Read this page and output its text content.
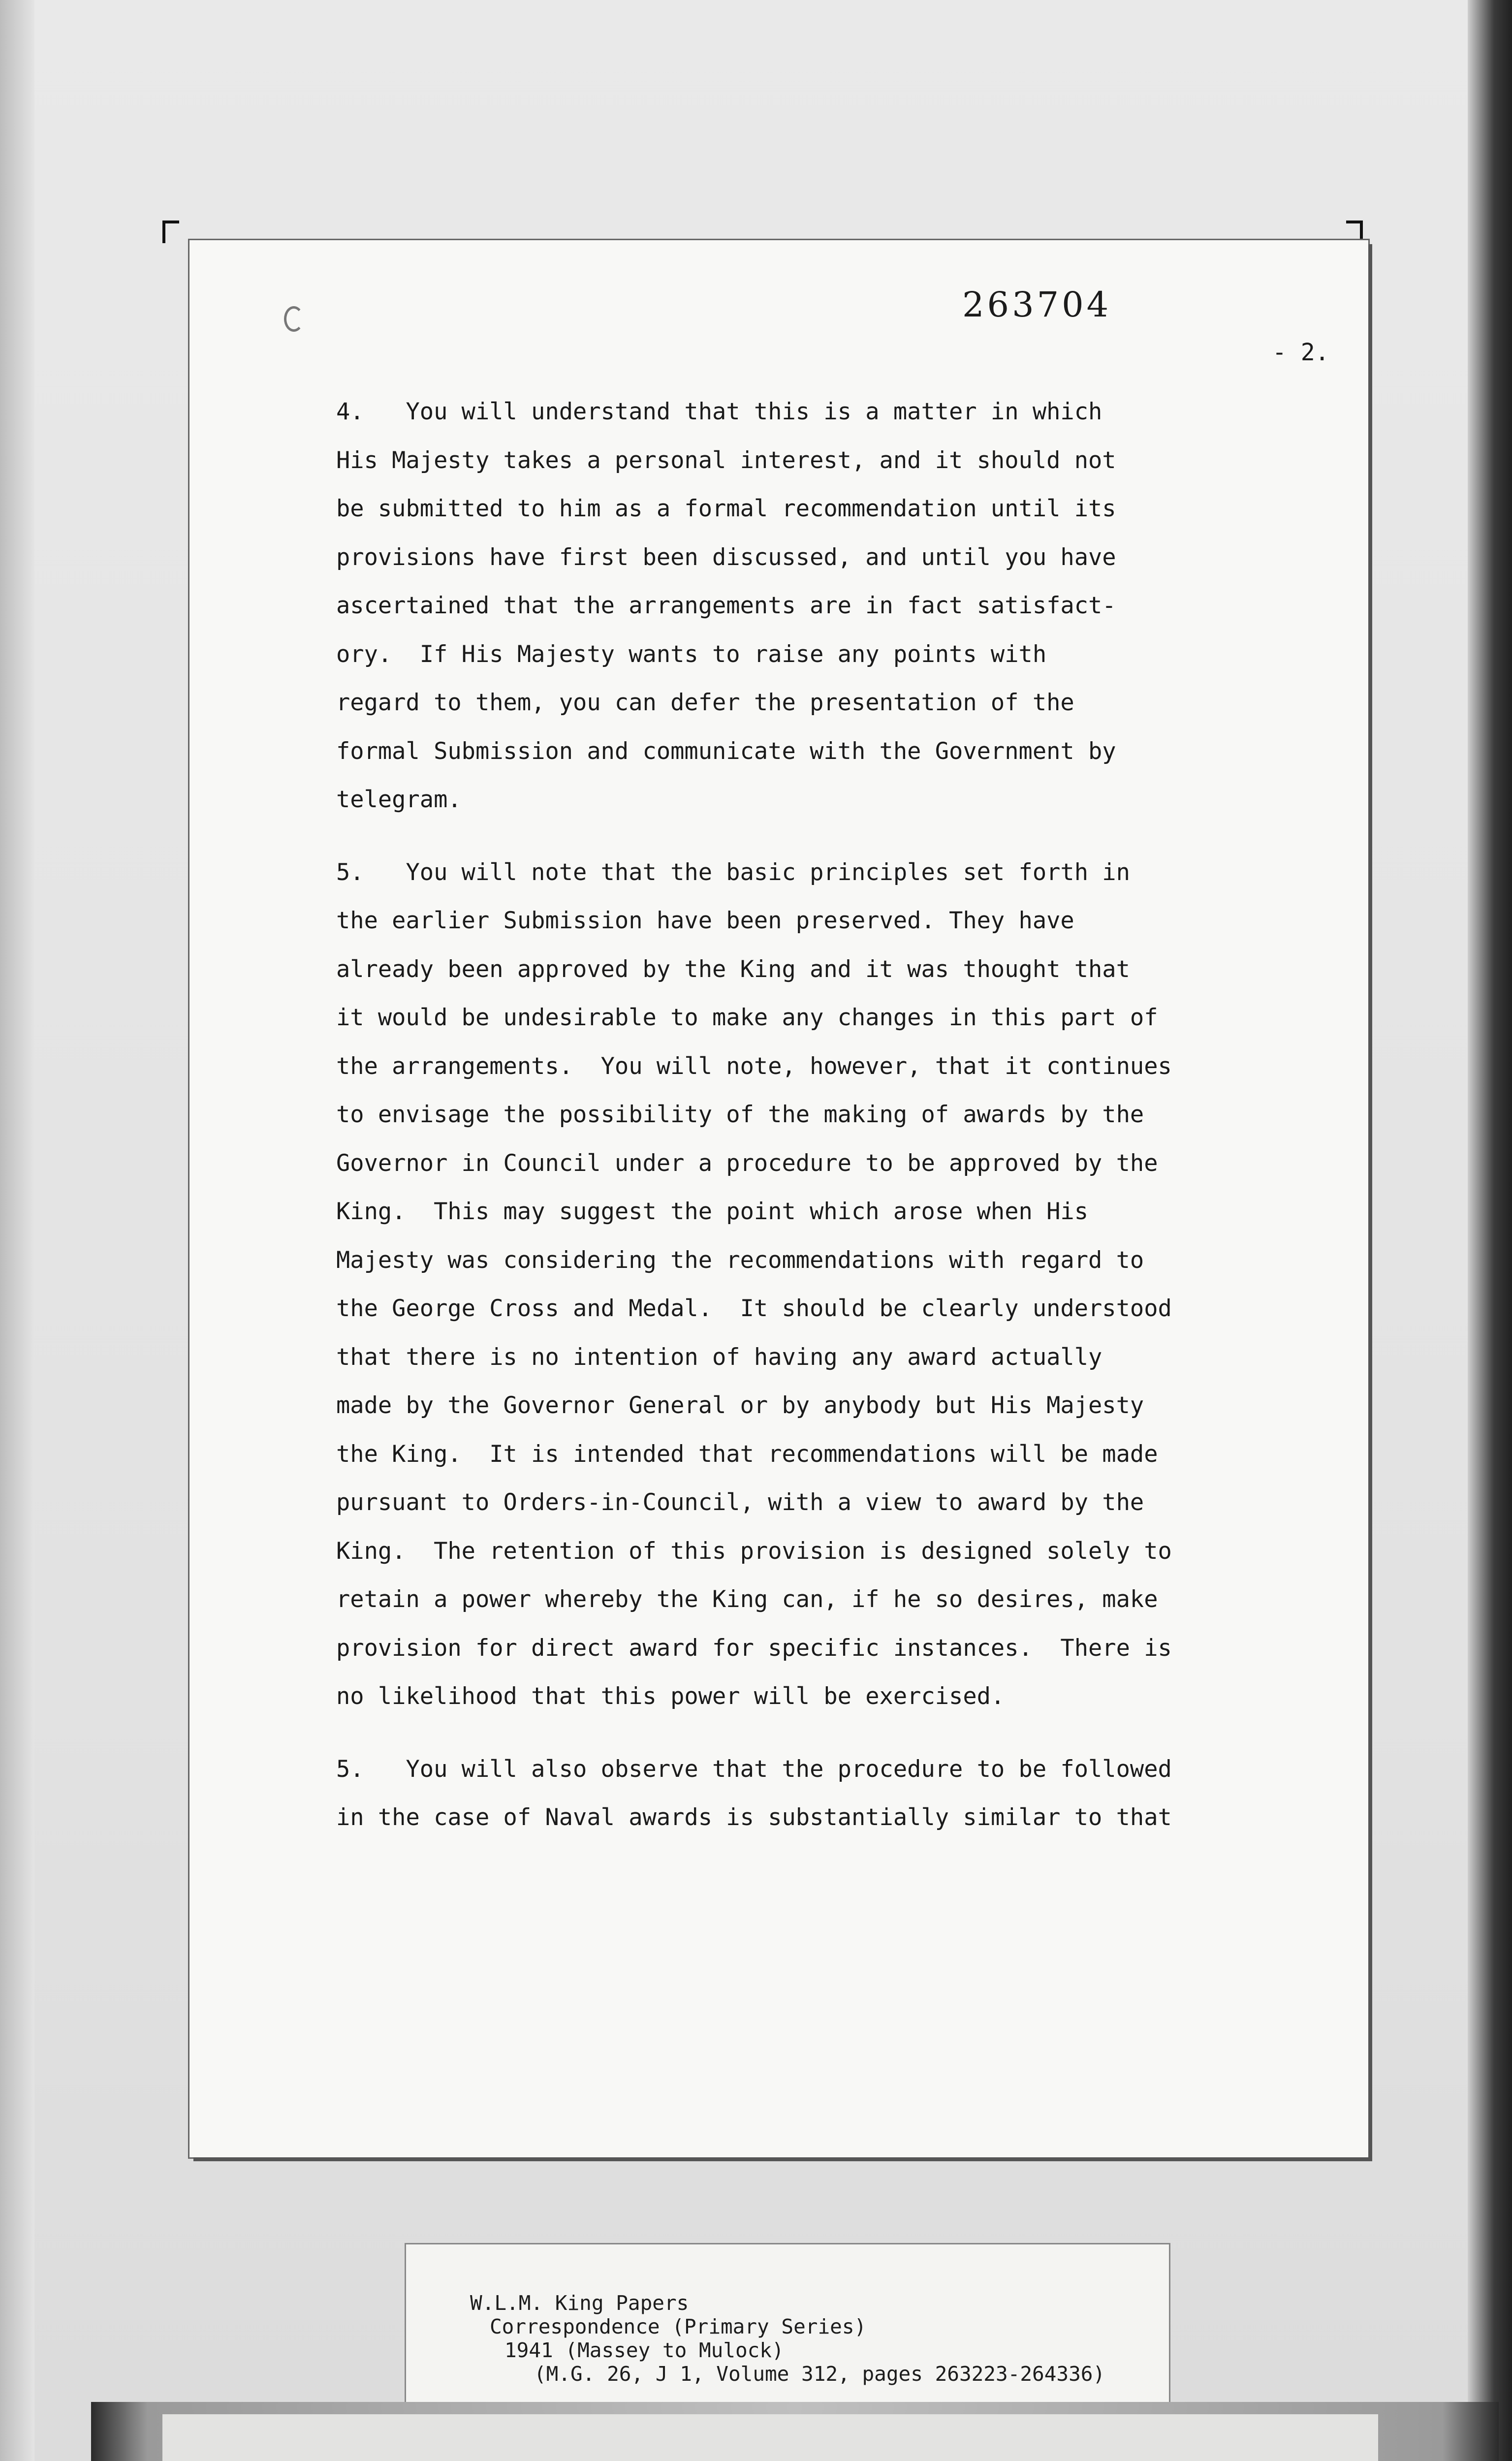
263704
- 2.
4.   You will understand that this is a matter in which
His Majesty takes a personal interest, and it should not
be submitted to him as a formal recommendation until its
provisions have first been discussed, and until you have
ascertained that the arrangements are in fact satisfact-
ory.  If His Majesty wants to raise any points with
regard to them, you can defer the presentation of the
formal Submission and communicate with the Government by
telegram.
5.   You will note that the basic principles set forth in
the earlier Submission have been preserved. They have
already been approved by the King and it was thought that
it would be undesirable to make any changes in this part of
the arrangements.  You will note, however, that it continues
to envisage the possibility of the making of awards by the
Governor in Council under a procedure to be approved by the
King.  This may suggest the point which arose when His
Majesty was considering the recommendations with regard to
the George Cross and Medal.  It should be clearly understood
that there is no intention of having any award actually
made by the Governor General or by anybody but His Majesty
the King.  It is intended that recommendations will be made
pursuant to Orders-in-Council, with a view to award by the
King.  The retention of this provision is designed solely to
retain a power whereby the King can, if he so desires, make
provision for direct award for specific instances.  There is
no likelihood that this power will be exercised.
5.   You will also observe that the procedure to be followed
in the case of Naval awards is substantially similar to that
W.L.M. King Papers
Correspondence (Primary Series)
1941 (Massey to Mulock)
(M.G. 26, J 1, Volume 312, pages 263223-264336)
